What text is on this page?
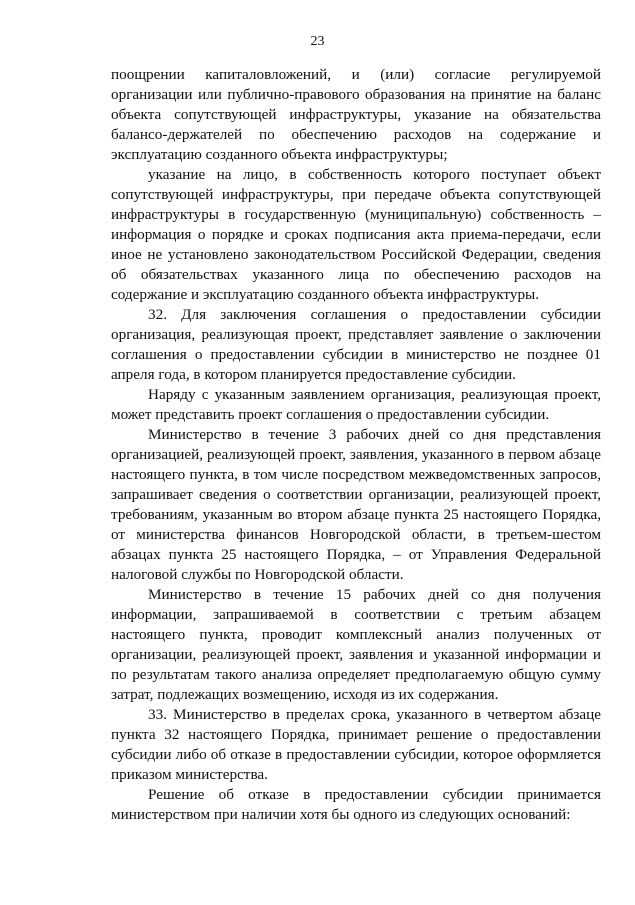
23

поощрении капиталовложений, и (или) согласие регулируемой организации или публично-правового образования на принятие на баланс объекта сопутствующей инфраструктуры, указание на обязательства балансо-держателей по обеспечению расходов на содержание и эксплуатацию созданного объекта инфраструктуры;

указание на лицо, в собственность которого поступает объект сопутствующей инфраструктуры, при передаче объекта сопутствующей инфраструктуры в государственную (муниципальную) собственность – информация о порядке и сроках подписания акта приема-передачи, если иное не установлено законодательством Российской Федерации, сведения об обязательствах указанного лица по обеспечению расходов на содержание и эксплуатацию созданного объекта инфраструктуры.

32. Для заключения соглашения о предоставлении субсидии организация, реализующая проект, представляет заявление о заключении соглашения о предоставлении субсидии в министерство не позднее 01 апреля года, в котором планируется предоставление субсидии.

Наряду с указанным заявлением организация, реализующая проект, может представить проект соглашения о предоставлении субсидии.

Министерство в течение 3 рабочих дней со дня представления организацией, реализующей проект, заявления, указанного в первом абзаце настоящего пункта, в том числе посредством межведомственных запросов, запрашивает сведения о соответствии организации, реализующей проект, требованиям, указанным во втором абзаце пункта 25 настоящего Порядка, от министерства финансов Новгородской области, в третьем-шестом абзацах пункта 25 настоящего Порядка, – от Управления Федеральной налоговой службы по Новгородской области.

Министерство в течение 15 рабочих дней со дня получения информации, запрашиваемой в соответствии с третьим абзацем настоящего пункта, проводит комплексный анализ полученных от организации, реализующей проект, заявления и указанной информации и по результатам такого анализа определяет предполагаемую общую сумму затрат, подлежащих возмещению, исходя из их содержания.

33. Министерство в пределах срока, указанного в четвертом абзаце пункта 32 настоящего Порядка, принимает решение о предоставлении субсидии либо об отказе в предоставлении субсидии, которое оформляется приказом министерства.

Решение об отказе в предоставлении субсидии принимается министерством при наличии хотя бы одного из следующих оснований:
